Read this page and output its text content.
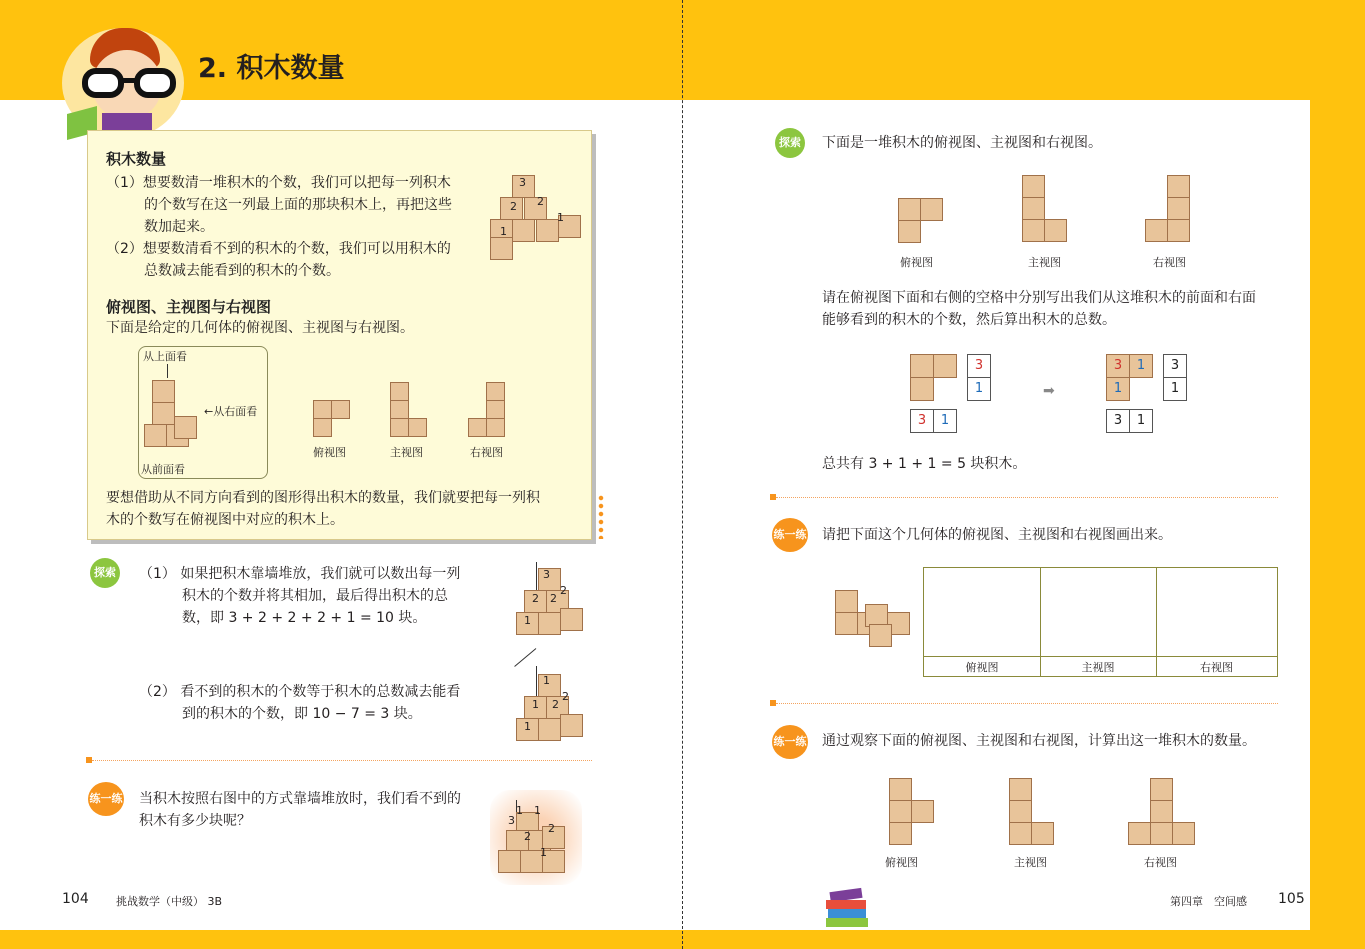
2. 积木数量
积木数量
（1）想要数清一堆积木的个数，我们可以把每一列积木
的个数写在这一列最上面的那块积木上，再把这些
数加起来。
（2）想要数清看不到的积木的个数，我们可以用积木的
总数减去能看到的积木的个数。
3
2 2
1
1
俯视图、主视图与右视图
下面是给定的几何体的俯视图、主视图与右视图。
从上面看
←从右面看
从前面看
俯视图	主视图	右视图
要想借助从不同方向看到的图形得出积木的数量，我们就要把每一列积
木的个数写在俯视图中对应的积木上。
探索 （1） 如果把积木靠墙堆放，我们就可以数出每一列
积木的个数并将其相加，最后得出积木的总
数，即 3 + 2 + 2 + 2 + 1 = 10 块。
3
2 2
2
1
（2） 看不到的积木的个数等于积木的总数减去能看
到的积木的个数，即 10 − 7 = 3 块。
1
1 2
2
1
练一练 当积木按照右图中的方式靠墙堆放时，我们看不到的
积木有多少块呢？
1
3
1
2
2
1
104 挑战数学（中级） 3B
探索 下面是一堆积木的俯视图、主视图和右视图。
俯视图	主视图	右视图
请在俯视图下面和右侧的空格中分别写出我们从这堆积木的前面和右面
能够看到的积木的个数，然后算出积木的总数。
3
1
3	1
➡
3	1
1
3
1
3	1
总共有 3 + 1 + 1 = 5 块积木。
练一练 请把下面这个几何体的俯视图、主视图和右视图画出来。
俯视图	主视图	右视图
练一练 通过观察下面的俯视图、主视图和右视图，计算出这一堆积木的数量。
俯视图	主视图	右视图
第四章　空间感 105
